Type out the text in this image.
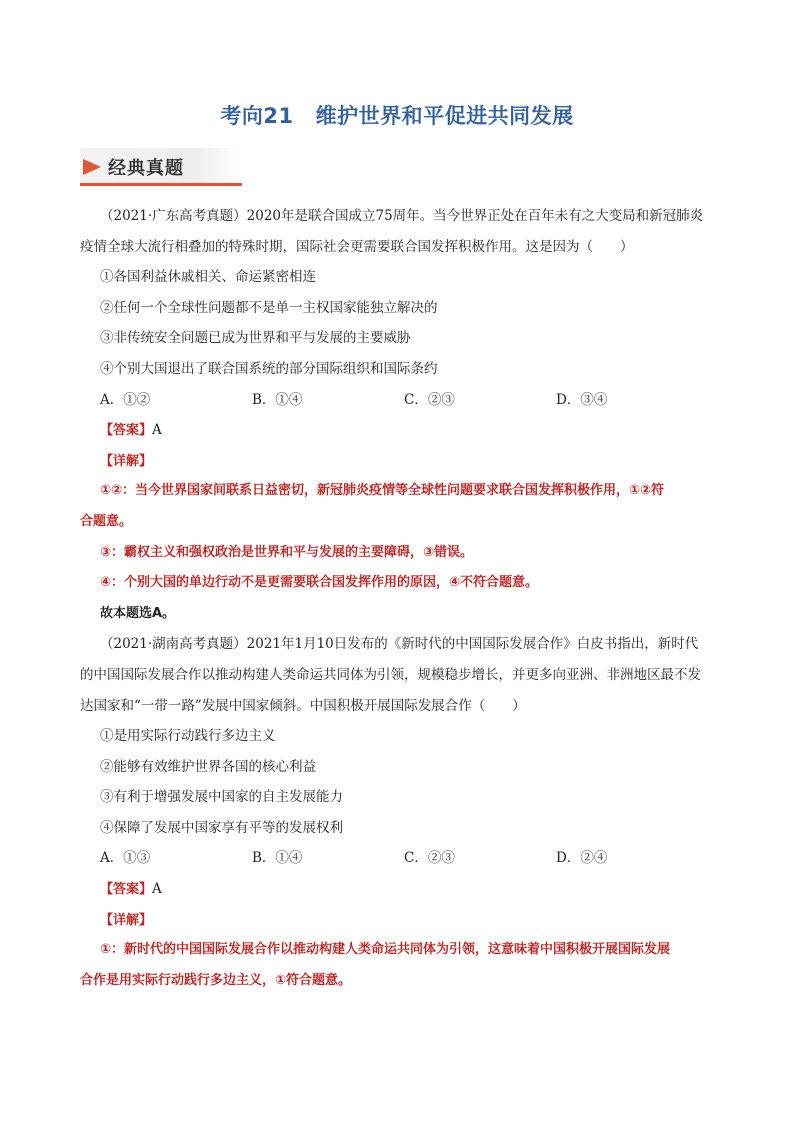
考向21 维护世界和平促进共同发展
经典真题
（2021·广东高考真题）2020年是联合国成立75周年。当今世界正处在百年未有之大变局和新冠肺炎
疫情全球大流行相叠加的特殊时期，国际社会更需要联合国发挥积极作用。这是因为（　　）
①各国利益休戚相关、命运紧密相连
②任何一个全球性问题都不是单一主权国家能独立解决的
③非传统安全问题已成为世界和平与发展的主要威胁
④个别大国退出了联合国系统的部分国际组织和国际条约
A．①②	B．①④	C．②③	D．③④
【答案】A
【详解】
①②：当今世界国家间联系日益密切，新冠肺炎疫情等全球性问题要求联合国发挥积极作用，①②符
合题意。
③：霸权主义和强权政治是世界和平与发展的主要障碍，③错误。
④：个别大国的单边行动不是更需要联合国发挥作用的原因，④不符合题意。
故本题选A。
（2021·湖南高考真题）2021年1月10日发布的《新时代的中国国际发展合作》白皮书指出，新时代
的中国国际发展合作以推动构建人类命运共同体为引领，规模稳步增长，并更多向亚洲、非洲地区最不发
达国家和“一带一路”发展中国家倾斜。中国积极开展国际发展合作（　　）
①是用实际行动践行多边主义
②能够有效维护世界各国的核心利益
③有利于增强发展中国家的自主发展能力
④保障了发展中国家享有平等的发展权利
A．①③	B．①④	C．②③	D．②④
【答案】A
【详解】
①：新时代的中国国际发展合作以推动构建人类命运共同体为引领，这意味着中国积极开展国际发展
合作是用实际行动践行多边主义，①符合题意。
